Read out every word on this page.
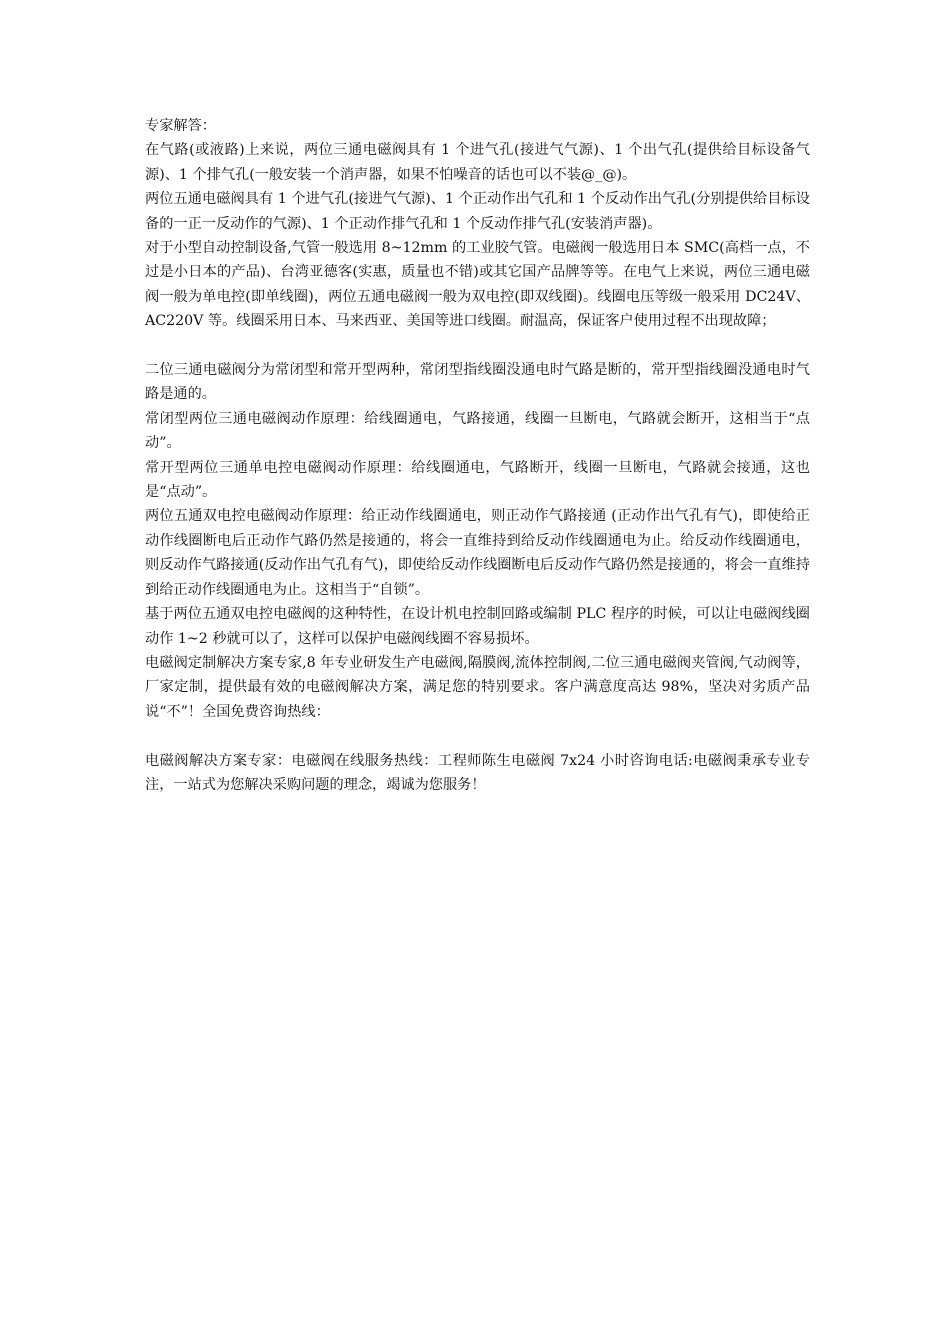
专家解答：

在气路(或液路)上来说，两位三通电磁阀具有 1 个进气孔(接进气气源)、1 个出气孔(提供给目标设备气源)、1 个排气孔(一般安装一个消声器，如果不怕噪音的话也可以不装@_@)。

两位五通电磁阀具有 1 个进气孔(接进气气源)、1 个正动作出气孔和 1 个反动作出气孔(分别提供给目标设备的一正一反动作的气源)、1 个正动作排气孔和 1 个反动作排气孔(安装消声器)。

对于小型自动控制设备,气管一般选用 8~12mm 的工业胶气管。电磁阀一般选用日本 SMC(高档一点，不过是小日本的产品)、台湾亚德客(实惠，质量也不错)或其它国产品牌等等。在电气上来说，两位三通电磁阀一般为单电控(即单线圈)，两位五通电磁阀一般为双电控(即双线圈)。线圈电压等级一般采用 DC24V、AC220V 等。线圈采用日本、马来西亚、美国等进口线圈。耐温高，保证客户使用过程不出现故障；

二位三通电磁阀分为常闭型和常开型两种，常闭型指线圈没通电时气路是断的，常开型指线圈没通电时气路是通的。

常闭型两位三通电磁阀动作原理：给线圈通电，气路接通，线圈一旦断电，气路就会断开，这相当于“点动”。

常开型两位三通单电控电磁阀动作原理：给线圈通电，气路断开，线圈一旦断电，气路就会接通，这也是“点动”。

两位五通双电控电磁阀动作原理：给正动作线圈通电，则正动作气路接通 (正动作出气孔有气)，即使给正动作线圈断电后正动作气路仍然是接通的，将会一直维持到给反动作线圈通电为止。给反动作线圈通电，则反动作气路接通(反动作出气孔有气)，即使给反动作线圈断电后反动作气路仍然是接通的，将会一直维持到给正动作线圈通电为止。这相当于“自锁”。

基于两位五通双电控电磁阀的这种特性，在设计机电控制回路或编制 PLC 程序的时候，可以让电磁阀线圈动作 1~2 秒就可以了，这样可以保护电磁阀线圈不容易损坏。

电磁阀定制解决方案专家,8 年专业研发生产电磁阀,隔膜阀,流体控制阀,二位三通电磁阀夹管阀,气动阀等，厂家定制，提供最有效的电磁阀解决方案，满足您的特别要求。客户满意度高达 98%，坚决对劣质产品说“不”！全国免费咨询热线：

电磁阀解决方案专家：电磁阀在线服务热线：工程师陈生电磁阀 7x24 小时咨询电话:电磁阀秉承专业专注，一站式为您解决采购问题的理念，竭诚为您服务！
